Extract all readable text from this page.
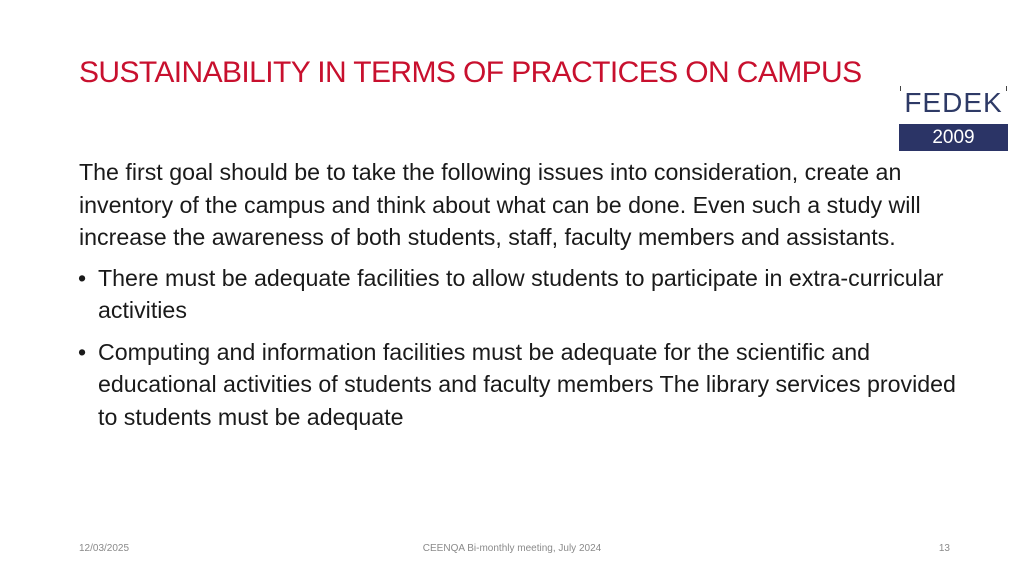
SUSTAINABILITY IN TERMS OF PRACTICES ON CAMPUS
FEDEK
2009

The first goal should be to take the following issues into consideration, create an inventory of the campus and think about what can be done. Even such a study will increase the awareness of both students, staff, faculty members and assistants.

• There must be adequate facilities to allow students to participate in extra-curricular activities
• Computing and information facilities must be adequate for the scientific and educational activities of students and faculty members The library services provided to students must be adequate
12/03/2025	CEENQA Bi-monthly meeting, July 2024	13
